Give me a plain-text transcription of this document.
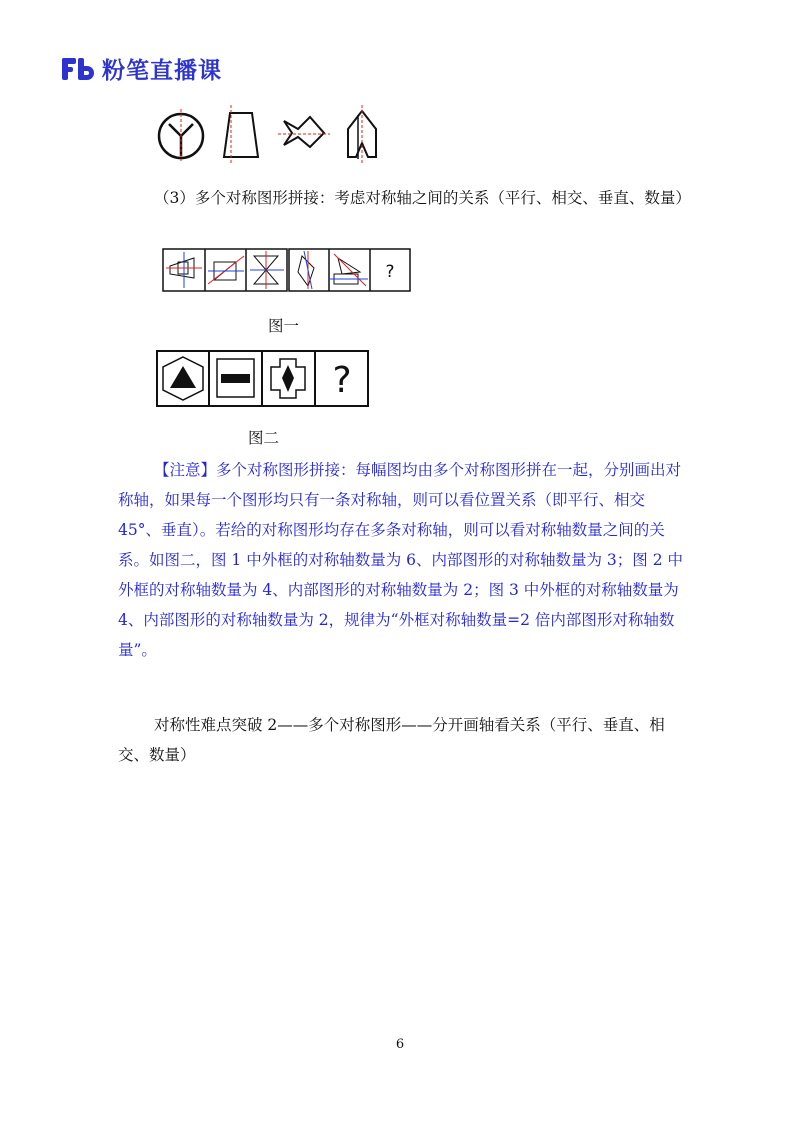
粉笔直播课
（3）多个对称图形拼接：考虑对称轴之间的关系（平行、相交、垂直、数量）
?
图一
?
图二
【注意】多个对称图形拼接：每幅图均由多个对称图形拼在一起，分别画出对称轴，如果每一个图形均只有一条对称轴，则可以看位置关系（即平行、相交45°、垂直）。若给的对称图形均存在多条对称轴，则可以看对称轴数量之间的关系。如图二，图 1 中外框的对称轴数量为 6、内部图形的对称轴数量为 3；图 2 中外框的对称轴数量为 4、内部图形的对称轴数量为 2；图 3 中外框的对称轴数量为 4、内部图形的对称轴数量为 2，规律为“外框对称轴数量=2 倍内部图形对称轴数量”。
对称性难点突破 2——多个对称图形——分开画轴看关系（平行、垂直、相交、数量）
6
